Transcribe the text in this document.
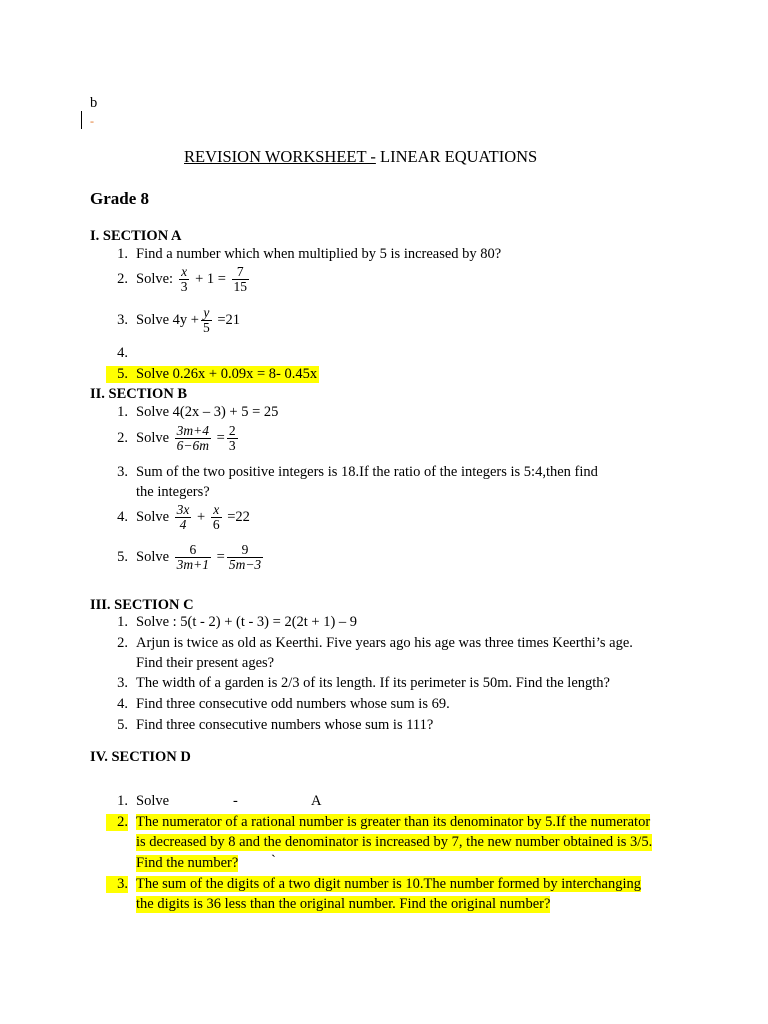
b
-
REVISION WORKSHEET - LINEAR EQUATIONS
Grade 8
I. SECTION A
1. Find a number which when multiplied by 5 is increased by 80?
2. Solve: $\frac{x}{3} + 1 = \frac{7}{15}$
3. Solve $4y + \frac{y}{5} =21$
4.
5. Solve 0.26x + 0.09x = 8- 0.45x
II. SECTION B
1. Solve 4(2x – 3) + 5 = 25
2. Solve $\frac{3m+4}{6-6m} = \frac{2}{3}$
3. Sum of the two positive integers is 18.If the ratio of the integers is 5:4,then find
the integers?
4. Solve $\frac{3x}{4} + \frac{x}{6} =22$
5. Solve $\frac{6}{3m+1} = \frac{9}{5m-3}$
III. SECTION C
1. Solve : 5(t - 2) + (t - 3) = 2(2t + 1) – 9
2. Arjun is twice as old as Keerthi. Five years ago his age was three times Keerthi’s age.
Find their present ages?
3. The width of a garden is 2/3 of its length. If its perimeter is 50m. Find the length?
4. Find three consecutive odd numbers whose sum is 69.
5. Find three consecutive numbers whose sum is 111?
IV. SECTION D
1. Solve	-	A
2. The numerator of a rational number is greater than its denominator by 5.If the numerator
is decreased by 8 and the denominator is increased by 7, the new number obtained is 3/5.
Find the number? `
3. The sum of the digits of a two digit number is 10.The number formed by interchanging
the digits is 36 less than the original number. Find the original number?
